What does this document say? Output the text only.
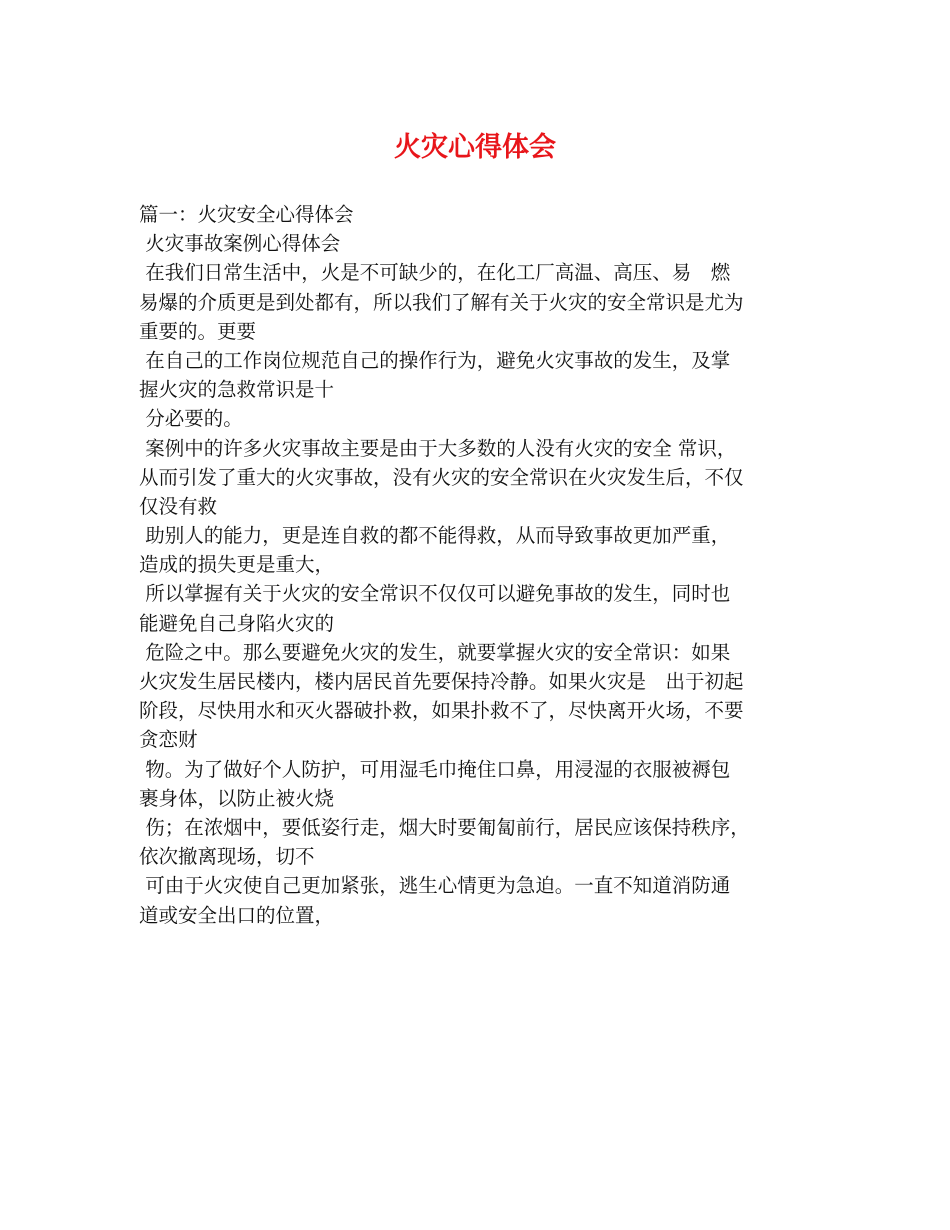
火灾心得体会
篇一：火灾安全心得体会
火灾事故案例心得体会
在我们日常生活中，火是不可缺少的，在化工厂高温、高压、易　燃
易爆的介质更是到处都有，所以我们了解有关于火灾的安全常识是尤为
重要的。更要
在自己的工作岗位规范自己的操作行为，避免火灾事故的发生，及掌
握火灾的急救常识是十
分必要的。
案例中的许多火灾事故主要是由于大多数的人没有火灾的安全 常识，
从而引发了重大的火灾事故，没有火灾的安全常识在火灾发生后，不仅
仅没有救
助别人的能力，更是连自救的都不能得救，从而导致事故更加严重，
造成的损失更是重大，
所以掌握有关于火灾的安全常识不仅仅可以避免事故的发生，同时也
能避免自己身陷火灾的
危险之中。那么要避免火灾的发生，就要掌握火灾的安全常识：如果
火灾发生居民楼内，楼内居民首先要保持冷静。如果火灾是　出于初起
阶段，尽快用水和灭火器破扑救，如果扑救不了，尽快离开火场，不要
贪恋财
物。为了做好个人防护，可用湿毛巾掩住口鼻，用浸湿的衣服被褥包
裹身体，以防止被火烧
伤；在浓烟中，要低姿行走，烟大时要匍匐前行，居民应该保持秩序，
依次撤离现场，切不
可由于火灾使自己更加紧张，逃生心情更为急迫。一直不知道消防通
道或安全出口的位置，
